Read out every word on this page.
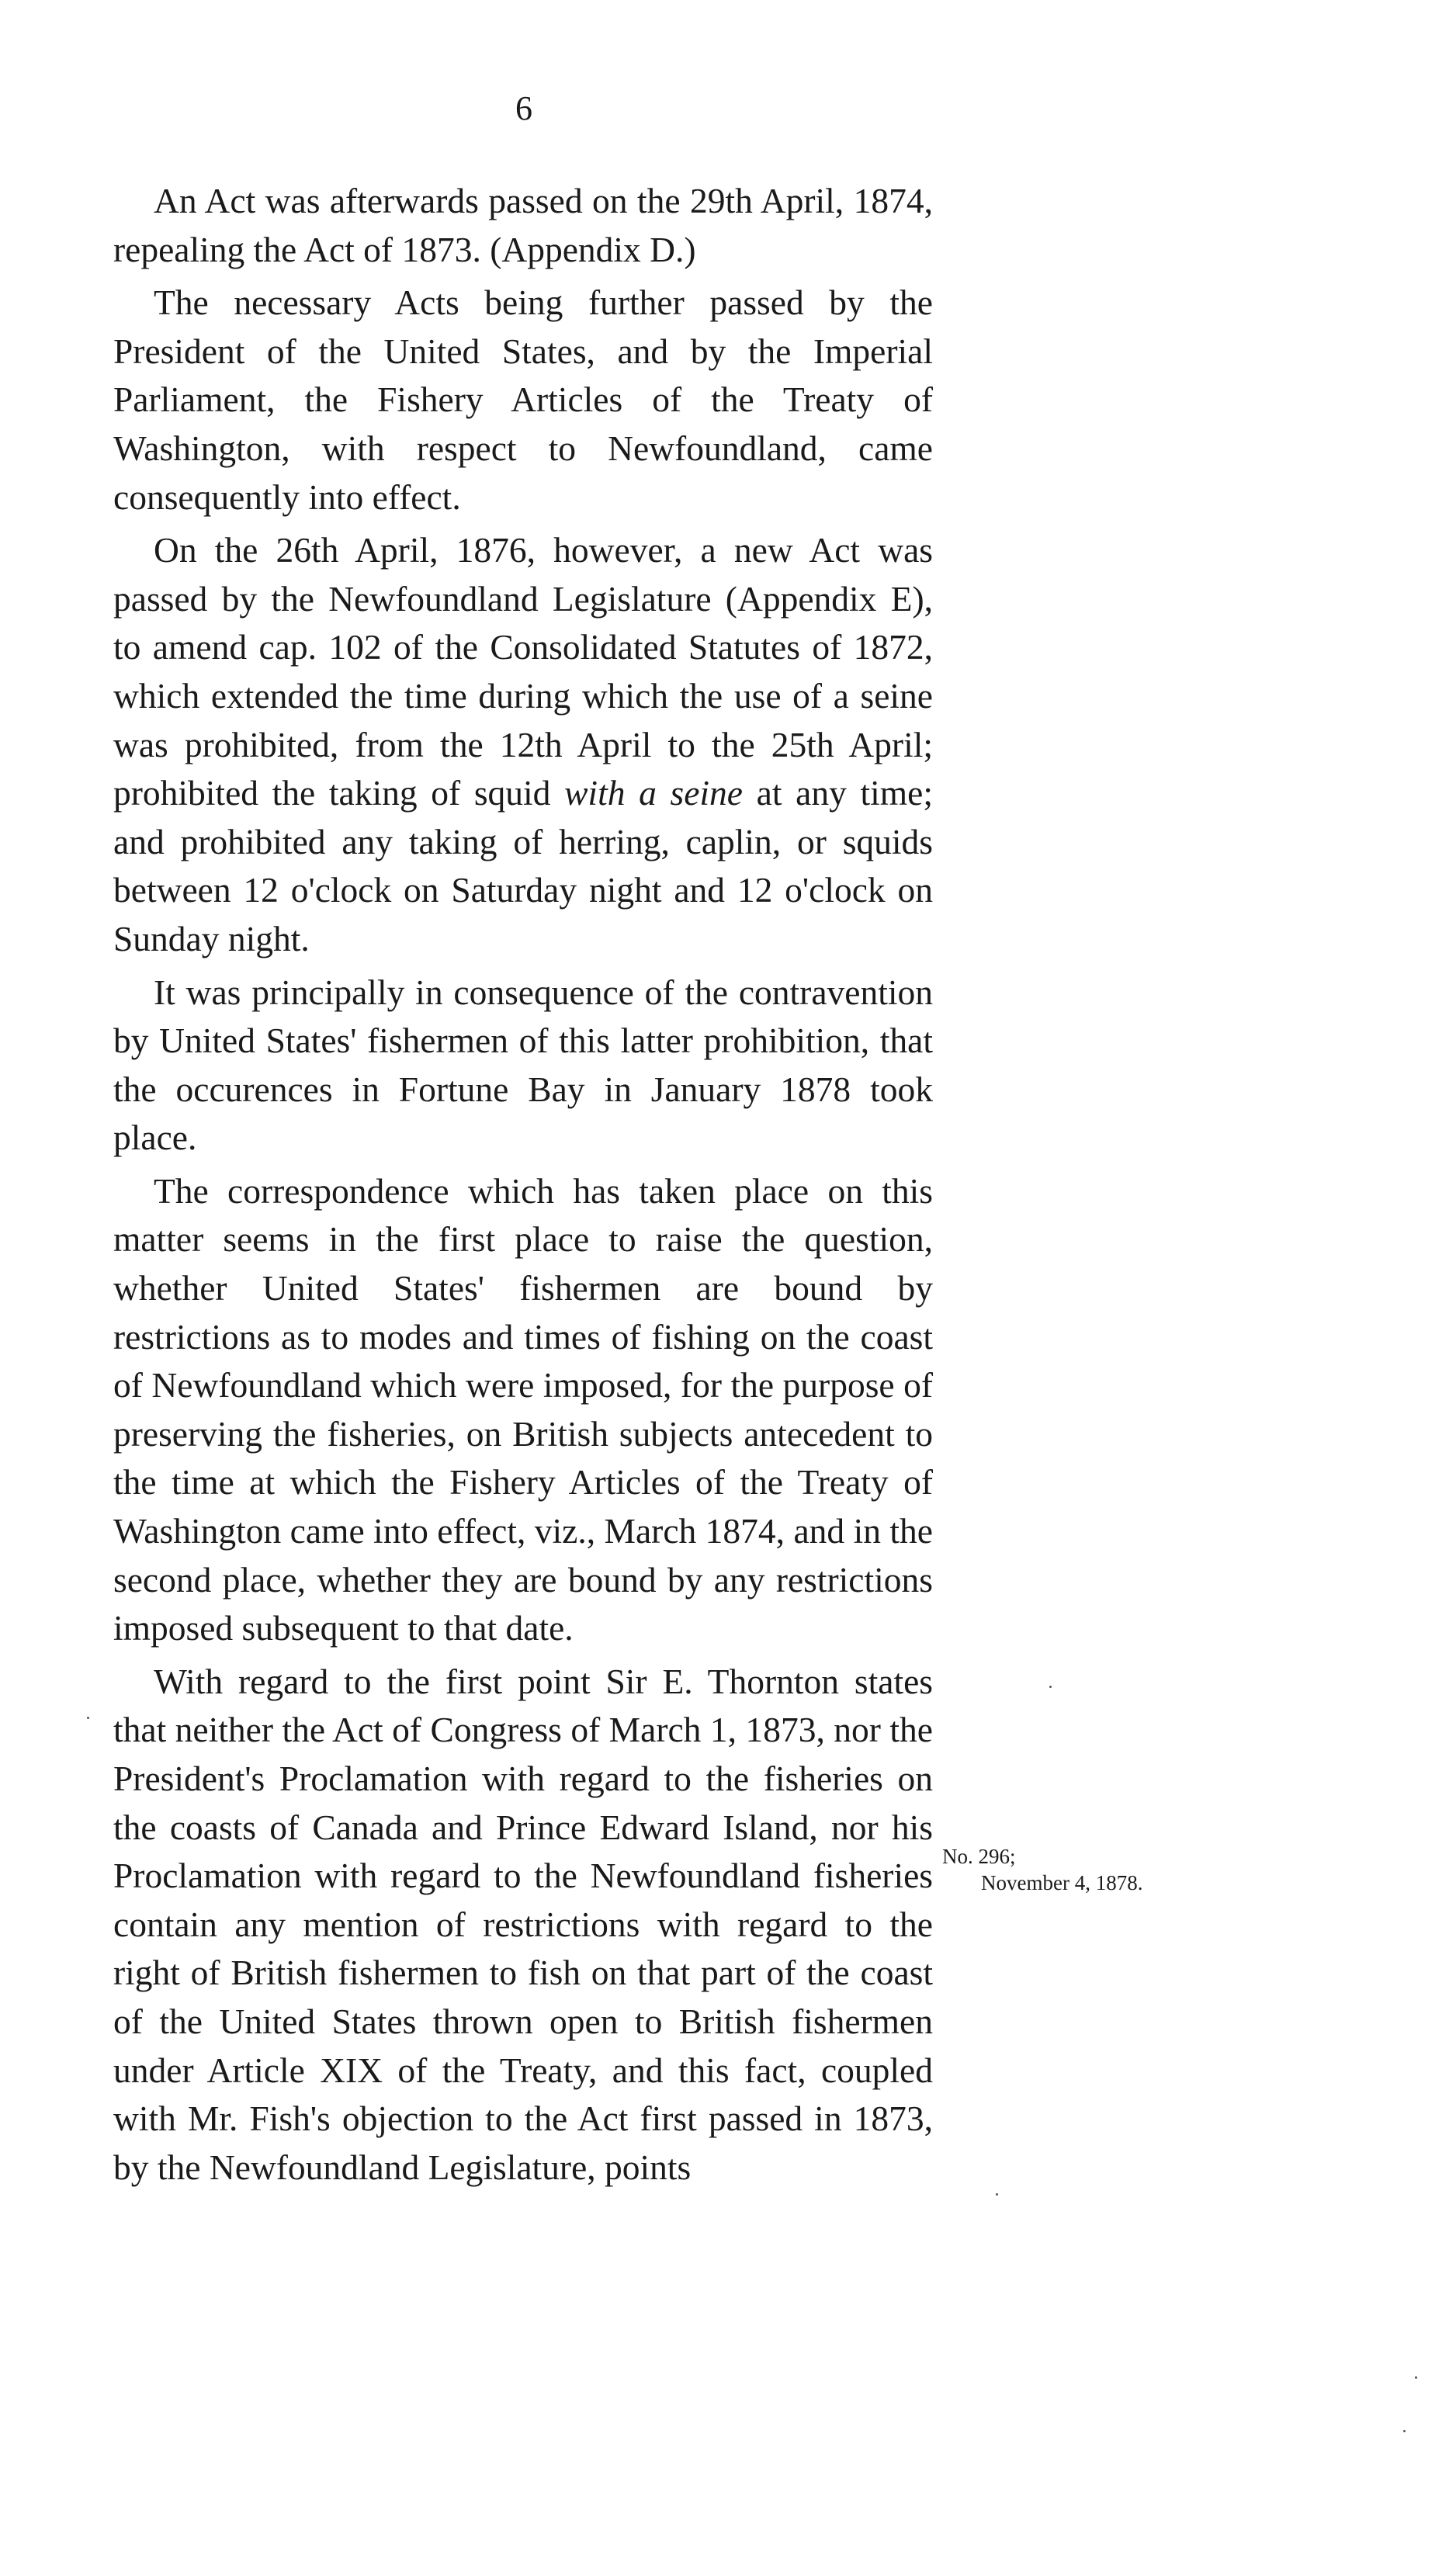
6

An Act was afterwards passed on the 29th April, 1874, repealing the Act of 1873. (Appendix D.)

The necessary Acts being further passed by the President of the United States, and by the Imperial Parliament, the Fishery Articles of the Treaty of Washington, with respect to Newfoundland, came consequently into effect.

On the 26th April, 1876, however, a new Act was passed by the Newfoundland Legislature (Appendix E), to amend cap. 102 of the Consolidated Statutes of 1872, which extended the time during which the use of a seine was prohibited, from the 12th April to the 25th April; prohibited the taking of squid with a seine at any time; and prohibited any taking of herring, caplin, or squids between 12 o'clock on Saturday night and 12 o'clock on Sunday night.

It was principally in consequence of the contravention by United States' fishermen of this latter prohibition, that the occurences in Fortune Bay in January 1878 took place.

The correspondence which has taken place on this matter seems in the first place to raise the question, whether United States' fishermen are bound by restrictions as to modes and times of fishing on the coast of Newfoundland which were imposed, for the purpose of preserving the fisheries, on British subjects antecedent to the time at which the Fishery Articles of the Treaty of Washington came into effect, viz., March 1874, and in the second place, whether they are bound by any restrictions imposed subsequent to that date.

With regard to the first point Sir E. Thornton states that neither the Act of Congress of March 1, 1873, nor the President's Proclamation with regard to the fisheries on the coasts of Canada and Prince Edward Island, nor his Proclamation with regard to the Newfoundland fisheries contain any mention of restrictions with regard to the right of British fishermen to fish on that part of the coast of the United States thrown open to British fishermen under Article XIX of the Treaty, and this fact, coupled with Mr. Fish's objection to the Act first passed in 1873, by the Newfoundland Legislature, points

No. 296;
November 4, 1878.
